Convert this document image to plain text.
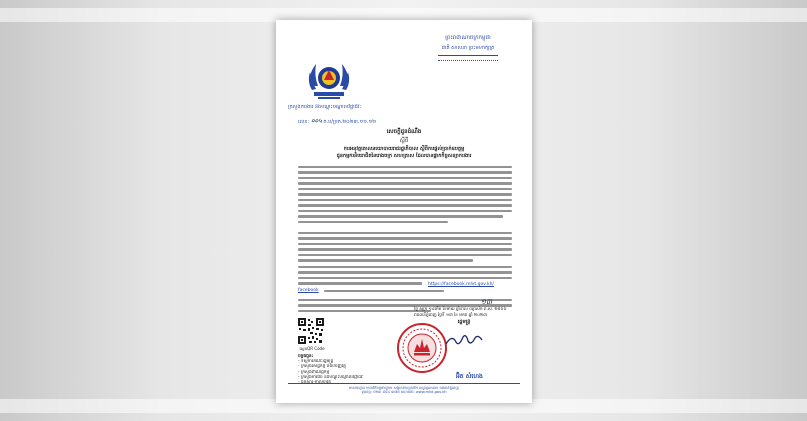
ព្រះរាជាណាចក្រកម្ពុជា
ជាតិ សាសនា ព្រះមហាក្សត្រ
ក្រសួងការងារ និងបណ្តុះបណ្តាលវិជ្ជាជីវៈ
លេខ: ००५ ក.ប/ប្រក.២០២៣.១១.១២
សេចក្តីជូនដំណឹង
ស្តីពី
ការអនុវត្តគោលនយោបាយរាជរដ្ឋាភិបាល ស្តីពីការផ្តល់ប្រាក់ឧបត្ថម្ភ
ជូនកម្មករនិយោជិតនៃរោងចក្រ សហគ្រាស ដែលបានផ្អាកកិច្ចសន្យាការងារ
https://facebook.mlvt.gov.kh/
facebook
១៣
ថ្ងៃ សុក្រ ១៤កើត ខែមាឃ ឆ្នាំខាល ចត្វាស័ក ព.ស. ២៥៦៦
រាជធានីភ្នំពេញ ថ្ងៃទី ១៣ ខែ មករា ឆ្នាំ ២០២៣
រដ្ឋមន្ត្រី
ស្កេនQR Code
ចម្លងជូន:
- ទីស្តីការគណៈរដ្ឋមន្ត្រី
- ក្រសួងសេដ្ឋកិច្ច និងហិរញ្ញវត្ថុ
- ក្រសួងពាណិជ្ជកម្ម
- ក្រសួងការងារ និងបណ្តុះបណ្តាលវិជ្ជាជីវៈ
- ឯកសារ-កាលប្បវត្តិ
អ៊ិត សំហេង
អាសយដ្ឋាន មហាវិថីកម្ពុជាក្រោម សង្កាត់ទឹកល្អក់ទី២ ខណ្ឌទួលគោក រាជធានីភ្នំពេញ
ទូរស័ព្ទ: ០២៣ ៨៨៤ ៣៧៥ គេហទំព័រ: www.mlvt.gov.kh
